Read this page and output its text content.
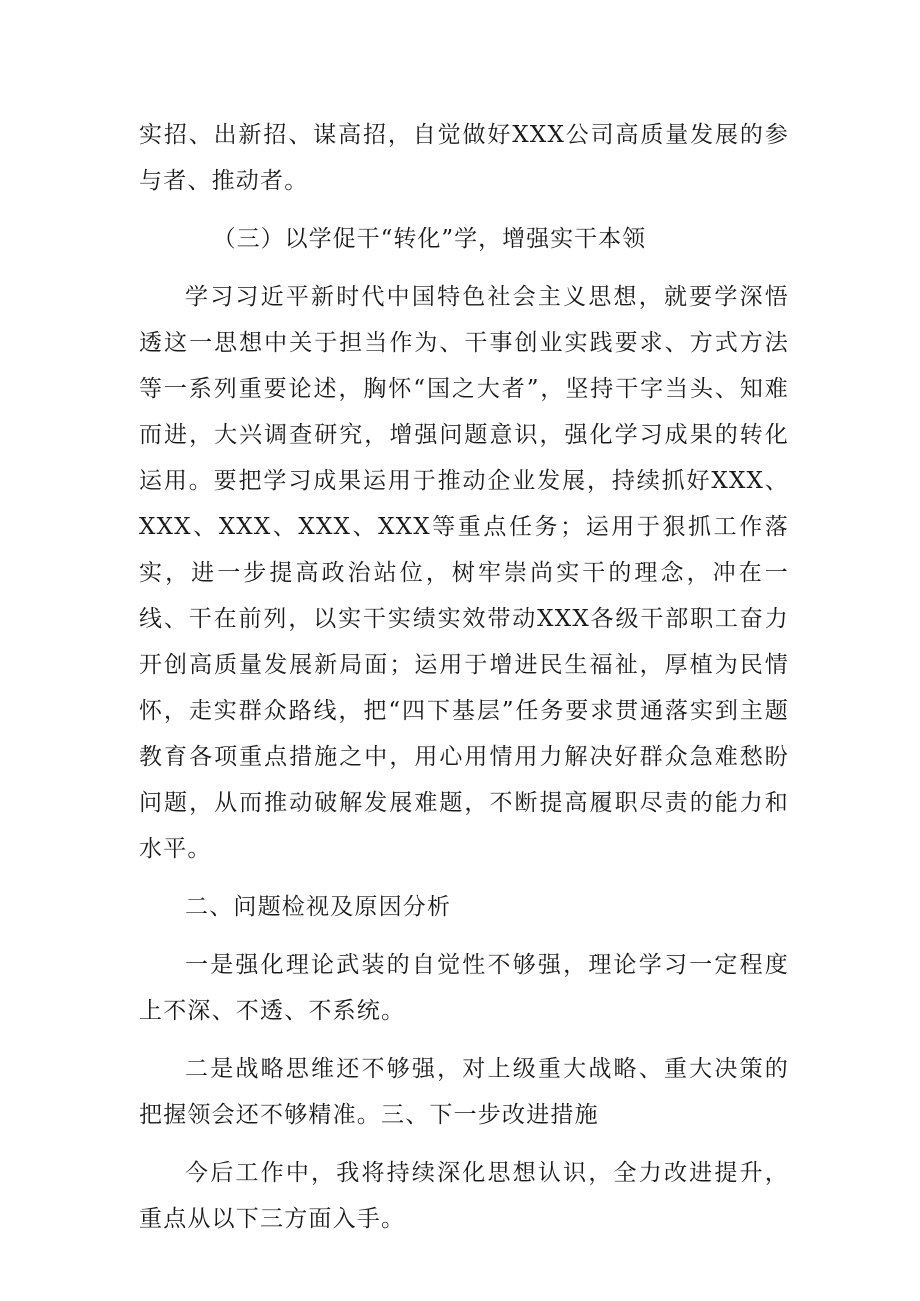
实招、出新招、谋高招，自觉做好XXX公司高质量发展的参与者、推动者。

（三）以学促干“转化”学，增强实干本领

学习习近平新时代中国特色社会主义思想，就要学深悟透这一思想中关于担当作为、干事创业实践要求、方式方法等一系列重要论述，胸怀“国之大者”，坚持干字当头、知难而进，大兴调查研究，增强问题意识，强化学习成果的转化运用。要把学习成果运用于推动企业发展，持续抓好XXX、XXX、XXX、XXX、XXX等重点任务；运用于狠抓工作落实，进一步提高政治站位，树牢崇尚实干的理念，冲在一线、干在前列，以实干实绩实效带动XXX各级干部职工奋力开创高质量发展新局面；运用于增进民生福祉，厚植为民情怀，走实群众路线，把“四下基层”任务要求贯通落实到主题教育各项重点措施之中，用心用情用力解决好群众急难愁盼问题，从而推动破解发展难题，不断提高履职尽责的能力和水平。

二、问题检视及原因分析

一是强化理论武装的自觉性不够强，理论学习一定程度上不深、不透、不系统。

二是战略思维还不够强，对上级重大战略、重大决策的把握领会还不够精准。三、下一步改进措施

今后工作中，我将持续深化思想认识，全力改进提升，重点从以下三方面入手。
